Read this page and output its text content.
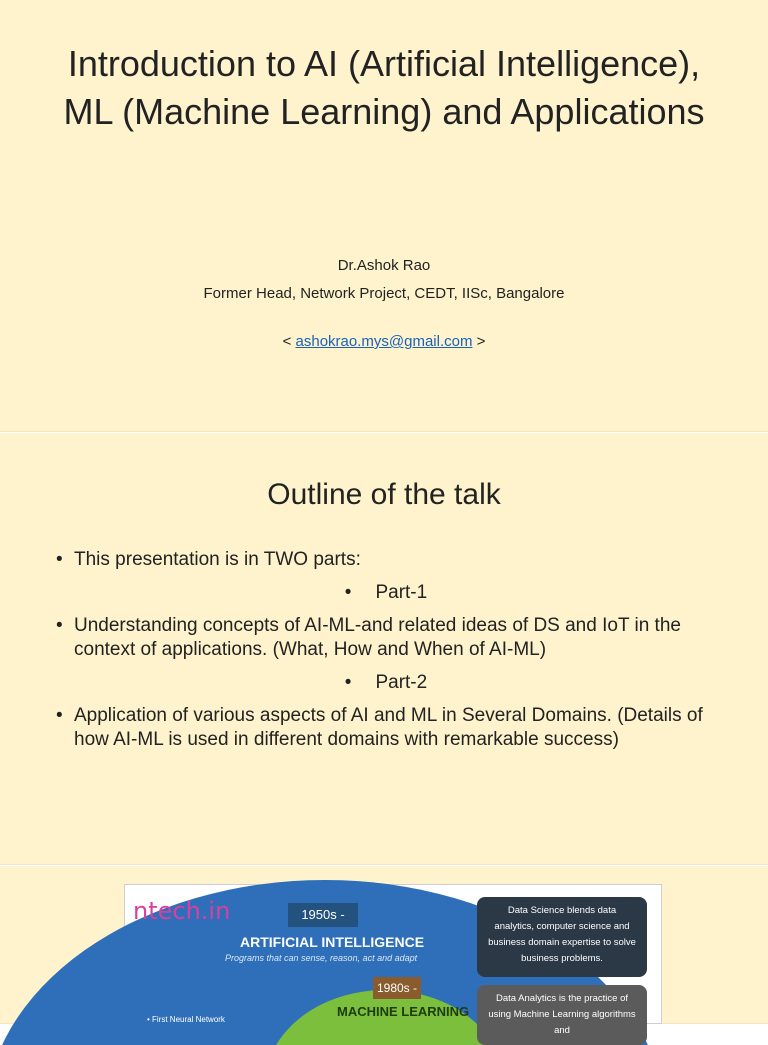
Introduction to AI (Artificial Intelligence),
ML (Machine Learning) and Applications
Dr.Ashok Rao
Former Head, Network Project, CEDT, IISc, Bangalore
< ashokrao.mys@gmail.com >
Outline of the talk
• This presentation is in TWO parts:
• Part-1
• Understanding concepts of AI-ML-and related ideas of DS and IoT in the context of applications. (What, How and When of AI-ML)
• Part-2
• Application of various aspects of AI and ML in Several Domains. (Details of how AI-ML is used in different domains with remarkable success)
ntech.in	1950s -
ARTIFICIAL INTELLIGENCE
Programs that can sense, reason, act and adapt
1980s -
MACHINE LEARNING
• First Neural Network
Data Science blends data analytics, computer science and business domain expertise to solve business problems.
Data Analytics is the practice of using Machine Learning algorithms and
